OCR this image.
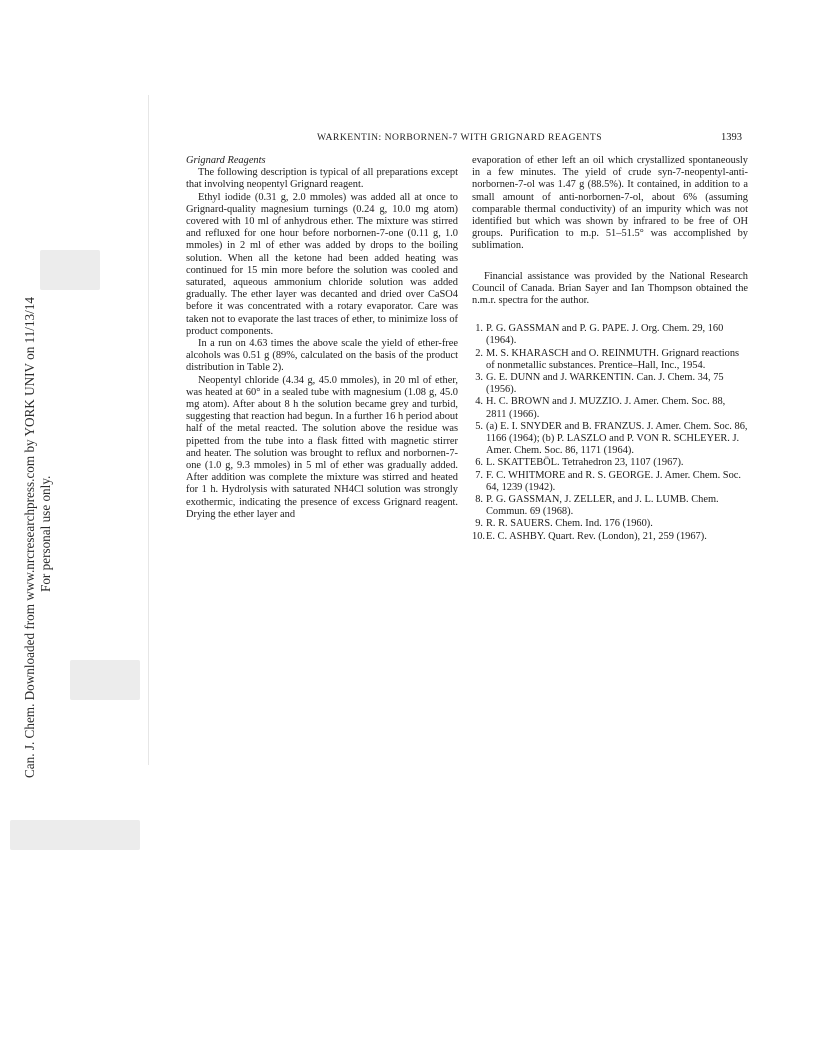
Can. J. Chem. Downloaded from www.nrcresearchpress.com by YORK UNIV on 11/13/14 For personal use only.
WARKENTIN: NORBORNEN-7 WITH GRIGNARD REAGENTS	1393
Grignard Reagents

The following description is typical of all preparations except that involving neopentyl Grignard reagent.

Ethyl iodide (0.31 g, 2.0 mmoles) was added all at once to Grignard-quality magnesium turnings (0.24 g, 10.0 mg atom) covered with 10 ml of anhydrous ether. The mixture was stirred and refluxed for one hour before norbornen-7-one (0.11 g, 1.0 mmoles) in 2 ml of ether was added by drops to the boiling solution. When all the ketone had been added heating was continued for 15 min more before the solution was cooled and saturated, aqueous ammonium chloride solution was added gradually. The ether layer was decanted and dried over CaSO4 before it was concentrated with a rotary evaporator. Care was taken not to evaporate the last traces of ether, to minimize loss of product components.

In a run on 4.63 times the above scale the yield of ether-free alcohols was 0.51 g (89%, calculated on the basis of the product distribution in Table 2).

Neopentyl chloride (4.34 g, 45.0 mmoles), in 20 ml of ether, was heated at 60° in a sealed tube with magnesium (1.08 g, 45.0 mg atom). After about 8 h the solution became grey and turbid, suggesting that reaction had begun. In a further 16 h period about half of the metal reacted. The solution above the residue was pipetted from the tube into a flask fitted with magnetic stirrer and heater. The solution was brought to reflux and norbornen-7-one (1.0 g, 9.3 mmoles) in 5 ml of ether was gradually added. After addition was complete the mixture was stirred and heated for 1 h. Hydrolysis with saturated NH4Cl solution was strongly exothermic, indicating the presence of excess Grignard reagent. Drying the ether layer and

evaporation of ether left an oil which crystallized spontaneously in a few minutes. The yield of crude syn-7-neopentyl-anti-norbornen-7-ol was 1.47 g (88.5%). It contained, in addition to a small amount of anti-norbornen-7-ol, about 6% (assuming comparable thermal conductivity) of an impurity which was not identified but which was shown by infrared to be free of OH groups. Purification to m.p. 51–51.5° was accomplished by sublimation.

Financial assistance was provided by the National Research Council of Canada. Brian Sayer and Ian Thompson obtained the n.m.r. spectra for the author.

1. P. G. GASSMAN and P. G. PAPE. J. Org. Chem. 29, 160 (1964).
2. M. S. KHARASCH and O. REINMUTH. Grignard reactions of nonmetallic substances. Prentice–Hall, Inc., 1954.
3. G. E. DUNN and J. WARKENTIN. Can. J. Chem. 34, 75 (1956).
4. H. C. BROWN and J. MUZZIO. J. Amer. Chem. Soc. 88, 2811 (1966).
5. (a) E. I. SNYDER and B. FRANZUS. J. Amer. Chem. Soc. 86, 1166 (1964); (b) P. LASZLO and P. VON R. SCHLEYER. J. Amer. Chem. Soc. 86, 1171 (1964).
6. L. SKATTEBÖL. Tetrahedron 23, 1107 (1967).
7. F. C. WHITMORE and R. S. GEORGE. J. Amer. Chem. Soc. 64, 1239 (1942).
8. P. G. GASSMAN, J. ZELLER, and J. L. LUMB. Chem. Commun. 69 (1968).
9. R. R. SAUERS. Chem. Ind. 176 (1960).
10. E. C. ASHBY. Quart. Rev. (London), 21, 259 (1967).
